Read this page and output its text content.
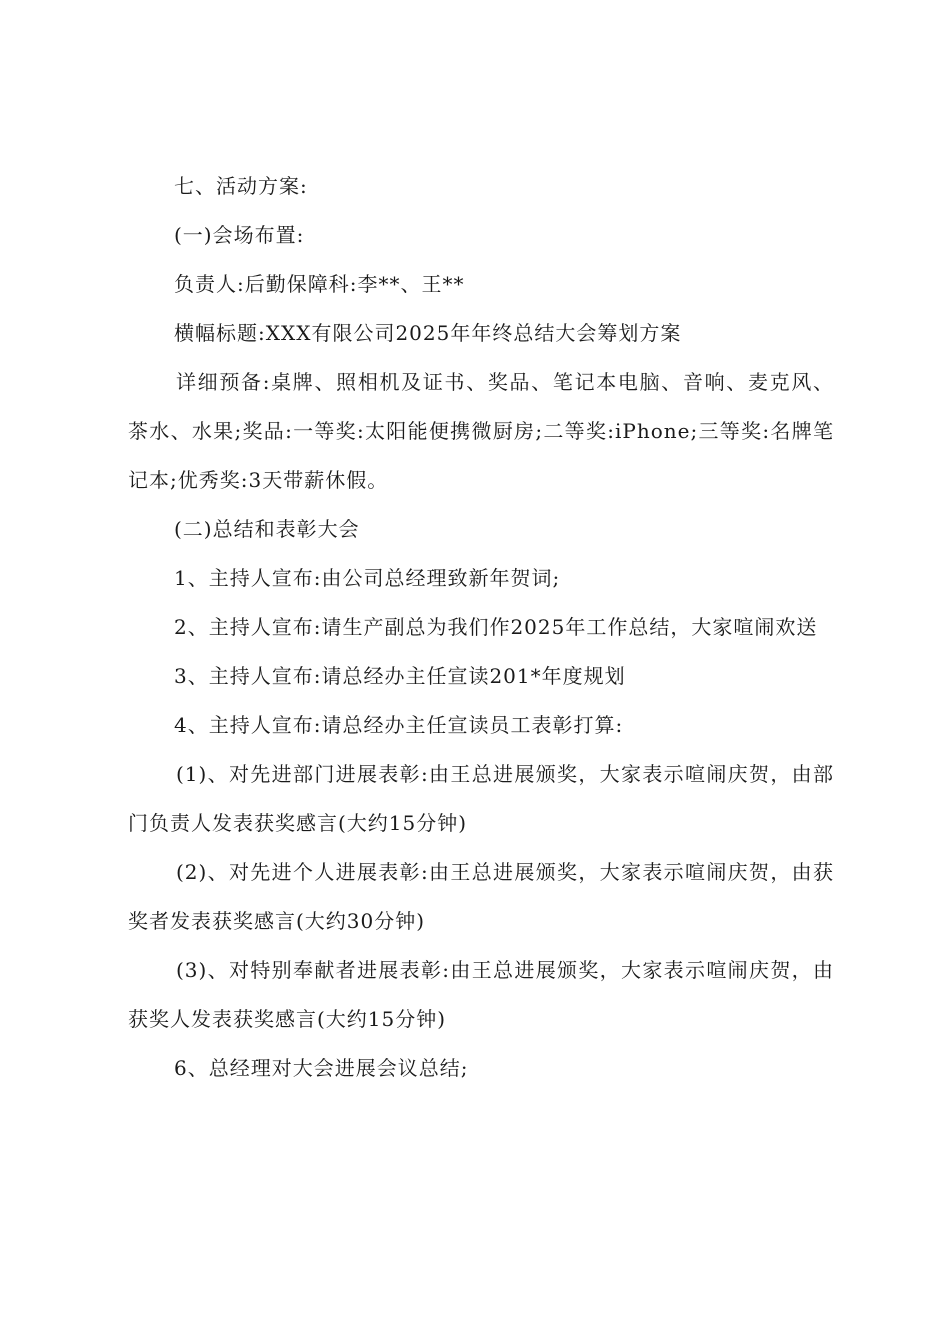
七、活动方案:

(一)会场布置:

负责人:后勤保障科:李**、王**

横幅标题:XXX有限公司2025年年终总结大会筹划方案

详细预备:桌牌、照相机及证书、奖品、笔记本电脑、音响、麦克风、茶水、水果;奖品:一等奖:太阳能便携微厨房;二等奖:iPhone;三等奖:名牌笔记本;优秀奖:3天带薪休假。

(二)总结和表彰大会

1、主持人宣布:由公司总经理致新年贺词;

2、主持人宣布:请生产副总为我们作2025年工作总结，大家喧闹欢送

3、主持人宣布:请总经办主任宣读201*年度规划

4、主持人宣布:请总经办主任宣读员工表彰打算:

(1)、对先进部门进展表彰:由王总进展颁奖，大家表示喧闹庆贺，由部门负责人发表获奖感言(大约15分钟)

(2)、对先进个人进展表彰:由王总进展颁奖，大家表示喧闹庆贺，由获奖者发表获奖感言(大约30分钟)

(3)、对特别奉献者进展表彰:由王总进展颁奖，大家表示喧闹庆贺，由获奖人发表获奖感言(大约15分钟)

6、总经理对大会进展会议总结;
